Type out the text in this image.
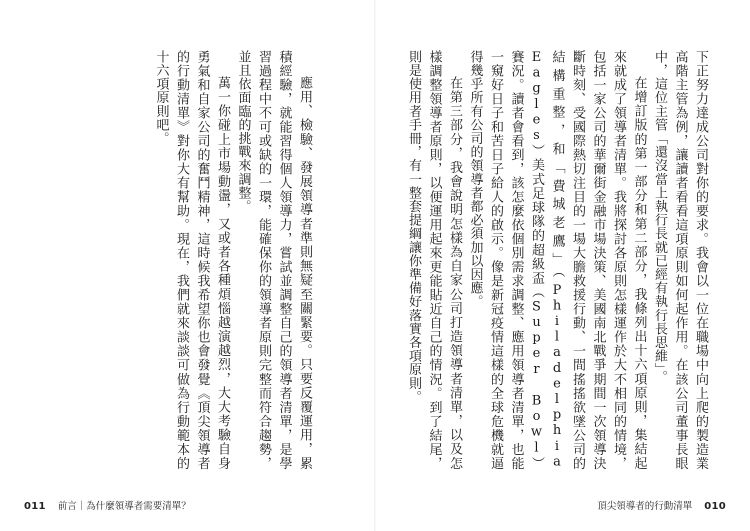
應用、檢驗、發展領導者準則無疑至關緊要。只要反覆運用，累積經驗，就能習得個人領導力，嘗試並調整自己的領導者清單，是學習過程中不可或缺的一環，能確保你的領導者原則完整而符合趨勢，並且依面臨的挑戰來調整。

萬一你碰上市場動盪，又或者各種煩惱越演越烈，大大考驗自身勇氣和自家公司的奮鬥精神，這時候我希望你也會發覺《頂尖領導者的行動清單》對你大有幫助。現在，我們就來談談可做為行動範本的十六項原則吧。

011 前言｜為什麼領導者需要清單？

下正努力達成公司對你的要求。我會以一位在職場中向上爬的製造業高階主管為例，讓讀者看看這項原則如何起作用。在該公司董事長眼中，這位主管「還沒當上執行長就已經有執行長思維」。

在增訂版的第一部分和第二部分，我條列出十六項原則，集結起來就成了領導者清單。我將探討各原則怎樣運作於大不相同的情境，包括一家公司的華爾街金融市場決策、美國南北戰爭期間一次領導決斷時刻、受國際熱切注目的一場大膽救援行動、一間搖搖欲墜公司的結構重整，和「費城老鷹」（Philadelphia Eagles）美式足球隊的超級盃（Super Bowl）賽況。讀者會看到，該怎麼依個別需求調整、應用領導者清單，也能一窺好日子和苦日子給人的啟示。像是新冠疫情這樣的全球危機就逼得幾乎所有公司的領導者都必須加以因應。

在第三部分，我會說明怎樣為自家公司打造領導者清單，以及怎樣調整領導者原則，以便運用起來更能貼近自己的情況。到了結尾，則是使用者手冊，有一整套提綱讓你準備好落實各項原則。

頂尖領導者的行動清單 010
